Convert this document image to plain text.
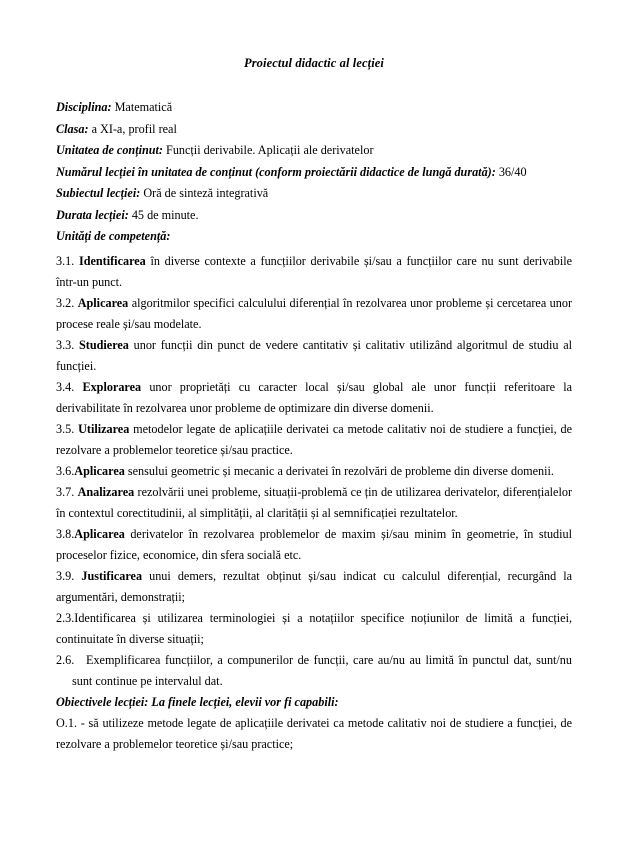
Proiectul didactic al lecției
Disciplina: Matematică
Clasa: a XI-a, profil real
Unitatea de conținut: Funcții derivabile. Aplicații ale derivatelor
Numărul lecției în unitatea de conținut (conform proiectării didactice de lungă durată): 36/40
Subiectul lecției: Oră de sinteză integrativă
Durata lecției: 45 de minute.
Unități de competență:
3.1. Identificarea în diverse contexte a funcțiilor derivabile și/sau a funcțiilor care nu sunt derivabile într-un punct.
3.2. Aplicarea algoritmilor specifici calculului diferențial în rezolvarea unor probleme și cercetarea unor procese reale și/sau modelate.
3.3. Studierea unor funcții din punct de vedere cantitativ și calitativ utilizând algoritmul de studiu al funcției.
3.4. Explorarea unor proprietăți cu caracter local și/sau global ale unor funcții referitoare la derivabilitate în rezolvarea unor probleme de optimizare din diverse domenii.
3.5. Utilizarea metodelor legate de aplicațiile derivatei ca metode calitativ noi de studiere a funcției, de rezolvare a problemelor teoretice și/sau practice.
3.6.Aplicarea sensului geometric și mecanic a derivatei în rezolvări de probleme din diverse domenii.
3.7. Analizarea rezolvării unei probleme, situații-problemă ce țin de utilizarea derivatelor, diferențialelor în contextul corectitudinii, al simplității, al clarității și al semnificației rezultatelor.
3.8.Aplicarea derivatelor în rezolvarea problemelor de maxim și/sau minim în geometrie, în studiul proceselor fizice, economice, din sfera socială etc.
3.9. Justificarea unui demers, rezultat obținut și/sau indicat cu calculul diferențial, recurgând la argumentări, demonstrații;
2.3.Identificarea și utilizarea terminologiei și a notațiilor specifice noțiunilor de limită a funcției, continuitate în diverse situații;
2.6. Exemplificarea funcțiilor, a compunerilor de funcții, care au/nu au limită în punctul dat, sunt/nu sunt continue pe intervalul dat.
Obiectivele lecției: La finele lecției, elevii vor fi capabili:
O.1. - să utilizeze metode legate de aplicațiile derivatei ca metode calitativ noi de studiere a funcției, de rezolvare a problemelor teoretice și/sau practice;
